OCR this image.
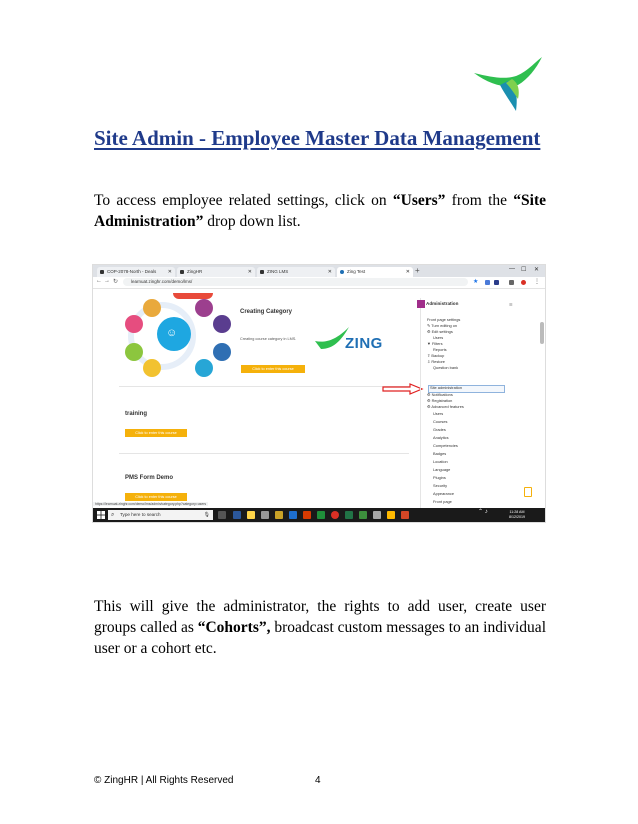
Site Admin - Employee Master Data Management

To access employee related settings, click on “Users” from the “Site Administration” drop down list.

COP-2078-North - Deals ✕	ZingHR	✕	ZING LMS	✕	Zing Test	✕ +	— ☐ ✕
← → ↻	learnuat.zinghr.com/demo/lms/	★	⋮
☺
Creating Category
Creating course category in LMS.
Click to enter this course
ZING
training
Click to enter this course
PMS Form Demo
Click to enter this course
Administration	☰
Front page settings
✎ Turn editing on
⚙ Edit settings
Users
▼ Filters
Reports
⇪ Backup
⇩ Restore
Question bank
Site administration
⚙ Notifications
⚙ Registration
⚙ Advanced features
Users
Courses
Grades
Analytics
Competencies
Badges
Location
Language
Plugins
Security
Appearance
Front page
https://learnuat.zinghr.com/demo/lms/admin/category.php?category=users
⌕ Type here to search	🎙	⌃ ♪	11:28 AM
8/12/2019

This will give the administrator, the rights to add user, create user groups called as “Cohorts”, broadcast custom messages to an individual user or a cohort etc.

© ZingHR | All Rights Reserved	4
